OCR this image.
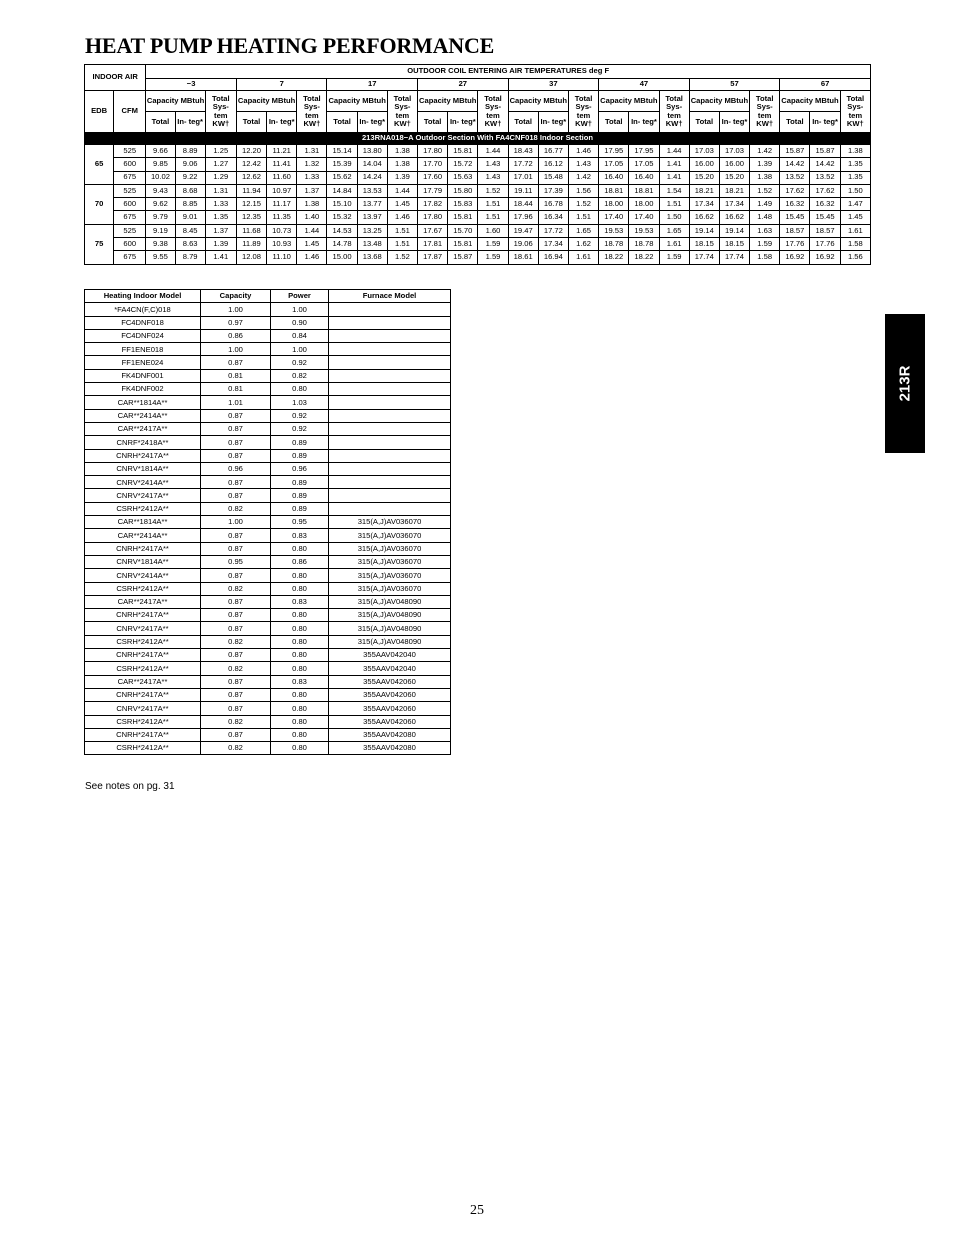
HEAT PUMP HEATING PERFORMANCE
INDOOR AIR		OUTDOOR COIL ENTERING AIR TEMPERATURES deg F																							
		−3			7			17			27			37			47			57			67		
EDB	CFM	Capacity MBtuh		Total Sys- tem KW†	Capacity MBtuh		Total Sys- tem KW†	Capacity MBtuh		Total Sys- tem KW†	Capacity MBtuh		Total Sys- tem KW†	Capacity MBtuh		Total Sys- tem KW†	Capacity MBtuh		Total Sys- tem KW†	Capacity MBtuh		Total Sys- tem KW†	Capacity MBtuh		Total Sys- tem KW†
		Total	In- teg*		Total	In- teg*		Total	In- teg*		Total	In- teg*		Total	In- teg*		Total	In- teg*		Total	In- teg*		Total	In- teg*	
213RNA018−A Outdoor Section With FA4CNF018 Indoor Section																									
65	525	9.66	8.89	1.25	12.20	11.21	1.31	15.14	13.80	1.38	17.80	15.81	1.44	18.43	16.77	1.46	17.95	17.95	1.44	17.03	17.03	1.42	15.87	15.87	1.38
	600	9.85	9.06	1.27	12.42	11.41	1.32	15.39	14.04	1.38	17.70	15.72	1.43	17.72	16.12	1.43	17.05	17.05	1.41	16.00	16.00	1.39	14.42	14.42	1.35
	675	10.02	9.22	1.29	12.62	11.60	1.33	15.62	14.24	1.39	17.60	15.63	1.43	17.01	15.48	1.42	16.40	16.40	1.41	15.20	15.20	1.38	13.52	13.52	1.35
70	525	9.43	8.68	1.31	11.94	10.97	1.37	14.84	13.53	1.44	17.79	15.80	1.52	19.11	17.39	1.56	18.81	18.81	1.54	18.21	18.21	1.52	17.62	17.62	1.50
	600	9.62	8.85	1.33	12.15	11.17	1.38	15.10	13.77	1.45	17.82	15.83	1.51	18.44	16.78	1.52	18.00	18.00	1.51	17.34	17.34	1.49	16.32	16.32	1.47
	675	9.79	9.01	1.35	12.35	11.35	1.40	15.32	13.97	1.46	17.80	15.81	1.51	17.96	16.34	1.51	17.40	17.40	1.50	16.62	16.62	1.48	15.45	15.45	1.45
75	525	9.19	8.45	1.37	11.68	10.73	1.44	14.53	13.25	1.51	17.67	15.70	1.60	19.47	17.72	1.65	19.53	19.53	1.65	19.14	19.14	1.63	18.57	18.57	1.61
	600	9.38	8.63	1.39	11.89	10.93	1.45	14.78	13.48	1.51	17.81	15.81	1.59	19.06	17.34	1.62	18.78	18.78	1.61	18.15	18.15	1.59	17.76	17.76	1.58
	675	9.55	8.79	1.41	12.08	11.10	1.46	15.00	13.68	1.52	17.87	15.87	1.59	18.61	16.94	1.61	18.22	18.22	1.59	17.74	17.74	1.58	16.92	16.92	1.56
Heating Indoor Model	Capacity	Power	Furnace Model
*FA4CN(F,C)018	1.00	1.00	
FC4DNF018	0.97	0.90	
FC4DNF024	0.86	0.84	
FF1ENE018	1.00	1.00	
FF1ENE024	0.87	0.92	
FK4DNF001	0.81	0.82	
FK4DNF002	0.81	0.80	
CAR**1814A**	1.01	1.03	
CAR**2414A**	0.87	0.92	
CAR**2417A**	0.87	0.92	
CNRF*2418A**	0.87	0.89	
CNRH*2417A**	0.87	0.89	
CNRV*1814A**	0.96	0.96	
CNRV*2414A**	0.87	0.89	
CNRV*2417A**	0.87	0.89	
CSRH*2412A**	0.82	0.89	
CAR**1814A**	1.00	0.95	315(A,J)AV036070
CAR**2414A**	0.87	0.83	315(A,J)AV036070
CNRH*2417A**	0.87	0.80	315(A,J)AV036070
CNRV*1814A**	0.95	0.86	315(A,J)AV036070
CNRV*2414A**	0.87	0.80	315(A,J)AV036070
CSRH*2412A**	0.82	0.80	315(A,J)AV036070
CAR**2417A**	0.87	0.83	315(A,J)AV048090
CNRH*2417A**	0.87	0.80	315(A,J)AV048090
CNRV*2417A**	0.87	0.80	315(A,J)AV048090
CSRH*2412A**	0.82	0.80	315(A,J)AV048090
CNRH*2417A**	0.87	0.80	355AAV042040
CSRH*2412A**	0.82	0.80	355AAV042040
CAR**2417A**	0.87	0.83	355AAV042060
CNRH*2417A**	0.87	0.80	355AAV042060
CNRV*2417A**	0.87	0.80	355AAV042060
CSRH*2412A**	0.82	0.80	355AAV042060
CNRH*2417A**	0.87	0.80	355AAV042080
CSRH*2412A**	0.82	0.80	355AAV042080
See notes on pg. 31
213R
25
